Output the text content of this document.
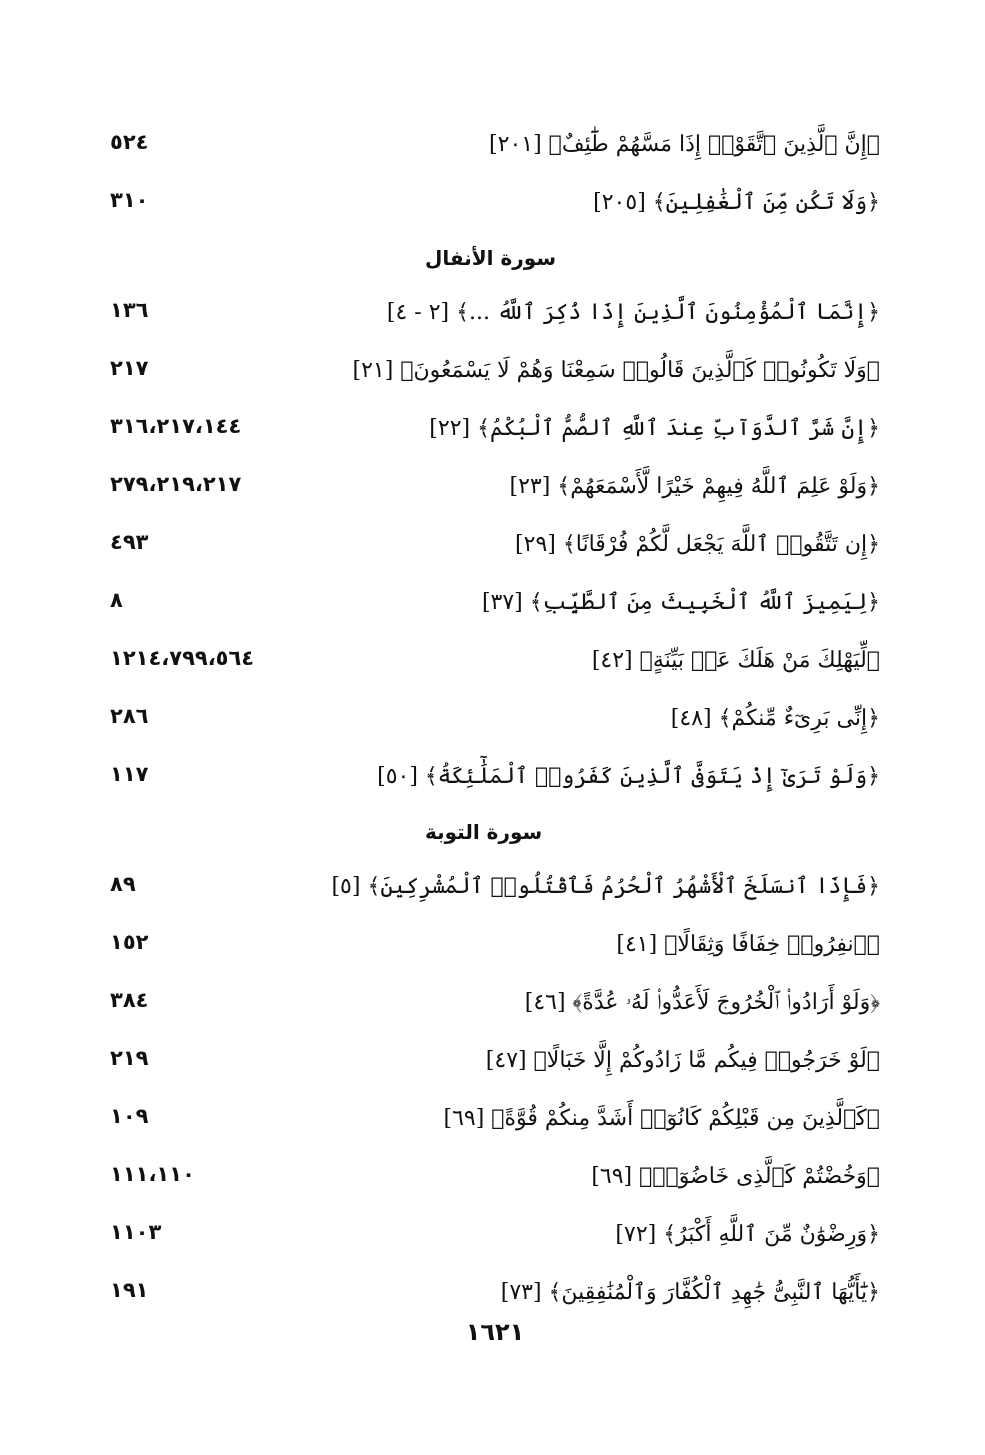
٥٢٤	﴿إِنَّ ٱلَّذِينَ ٱتَّقَوْا۟ إِذَا مَسَّهُمْ طَٰٓئِفٌ﴾ [٢٠١]
٣١٠	﴿وَلَا تَكُن مِّنَ ٱلْغَٰفِلِينَ﴾ [٢٠٥]
سورة الأنفال
١٣٦	﴿إِنَّمَا ٱلْمُؤْمِنُونَ ٱلَّذِينَ إِذَا ذُكِرَ ٱللَّهُ ...﴾ [٢ - ٤]
٢١٧	﴿وَلَا تَكُونُوا۟ كَٱلَّذِينَ قَالُوا۟ سَمِعْنَا وَهُمْ لَا يَسْمَعُونَ﴾ [٢١]
٣١٦،٢١٧،١٤٤	﴿إِنَّ شَرَّ ٱلدَّوَآبِّ عِندَ ٱللَّهِ ٱلصُّمُّ ٱلْبُكْمُ﴾ [٢٢]
٢٧٩،٢١٩،٢١٧	﴿وَلَوْ عَلِمَ ٱللَّهُ فِيهِمْ خَيْرًا لَّأَسْمَعَهُمْ﴾ [٢٣]
٤٩٣	﴿إِن تَتَّقُوا۟ ٱللَّهَ يَجْعَل لَّكُمْ فُرْقَانًا﴾ [٢٩]
٨	﴿لِيَمِيزَ ٱللَّهُ ٱلْخَبِيثَ مِنَ ٱلطَّيِّبِ﴾ [٣٧]
١٢١٤،٧٩٩،٥٦٤	﴿لِّيَهْلِكَ مَنْ هَلَكَ عَنۢ بَيِّنَةٍ﴾ [٤٢]
٢٨٦	﴿إِنِّى بَرِىٓءٌ مِّنكُمْ﴾ [٤٨]
١١٧	﴿وَلَوْ تَرَىٰٓ إِذْ يَتَوَفَّى ٱلَّذِينَ كَفَرُوا۟ ٱلْمَلَٰٓئِكَةُ﴾ [٥٠]
سورة التوبة
٨٩	﴿فَإِذَا ٱنسَلَخَ ٱلْأَشْهُرُ ٱلْحُرُمُ فَٱقْتُلُوا۟ ٱلْمُشْرِكِينَ﴾ [٥]
١٥٢	﴿ٱنفِرُوا۟ خِفَافًا وَثِقَالًا﴾ [٤١]
٣٨٤	﴿وَلَوْ أَرَادُوا۟ ٱلْخُرُوجَ لَأَعَدُّوا۟ لَهُۥ عُدَّةً﴾ [٤٦]
٢١٩	﴿لَوْ خَرَجُوا۟ فِيكُم مَّا زَادُوكُمْ إِلَّا خَبَالًا﴾ [٤٧]
١٠٩	﴿كَٱلَّذِينَ مِن قَبْلِكُمْ كَانُوٓا۟ أَشَدَّ مِنكُمْ قُوَّةً﴾ [٦٩]
١١١،١١٠	﴿وَخُضْتُمْ كَٱلَّذِى خَاضُوٓا۟﴾ [٦٩]
١١٠٣	﴿وَرِضْوَٰنٌ مِّنَ ٱللَّهِ أَكْبَرُ﴾ [٧٢]
١٩١	﴿يَٰٓأَيُّهَا ٱلنَّبِىُّ جَٰهِدِ ٱلْكُفَّارَ وَٱلْمُنَٰفِقِينَ﴾ [٧٣]
١٦٢١
